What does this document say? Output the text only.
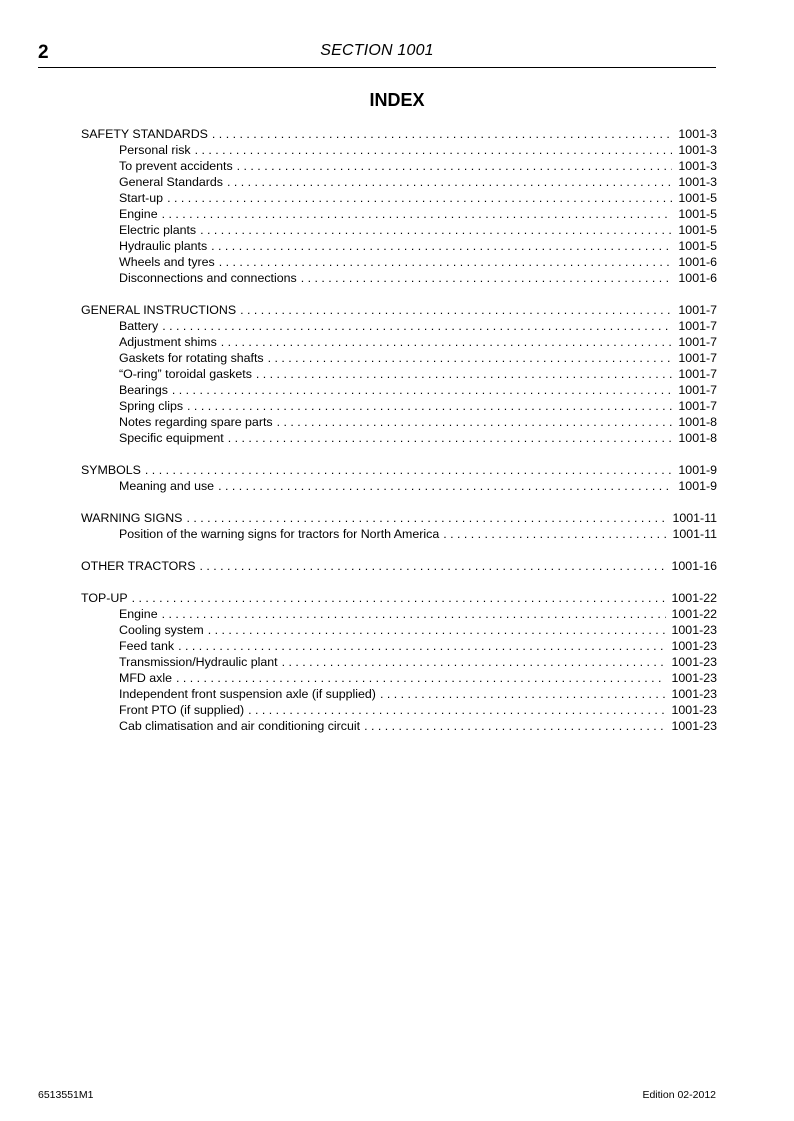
2	SECTION 1001
INDEX
SAFETY STANDARDS . . .	1001-3
Personal risk . . .	1001-3
To prevent accidents . . .	1001-3
General Standards . . .	1001-3
Start-up . . .	1001-5
Engine . . .	1001-5
Electric plants . . .	1001-5
Hydraulic plants . . .	1001-5
Wheels and tyres . . .	1001-6
Disconnections and connections . . .	1001-6
GENERAL INSTRUCTIONS . . .	1001-7
Battery . . .	1001-7
Adjustment shims . . .	1001-7
Gaskets for rotating shafts . . .	1001-7
“O-ring” toroidal gaskets . . .	1001-7
Bearings . . .	1001-7
Spring clips . . .	1001-7
Notes regarding spare parts . . .	1001-8
Specific equipment . . .	1001-8
SYMBOLS . . .	1001-9
Meaning and use . . .	1001-9
WARNING SIGNS . . .	1001-11
Position of the warning signs for tractors for North America . . .	1001-11
OTHER TRACTORS . . .	1001-16
TOP-UP . . .	1001-22
Engine . . .	1001-22
Cooling system . . .	1001-23
Feed tank . . .	1001-23
Transmission/Hydraulic plant . . .	1001-23
MFD axle . . .	1001-23
Independent front suspension axle (if supplied) . . .	1001-23
Front PTO (if supplied) . . .	1001-23
Cab climatisation and air conditioning circuit . . .	1001-23
6513551M1	Edition 02-2012
